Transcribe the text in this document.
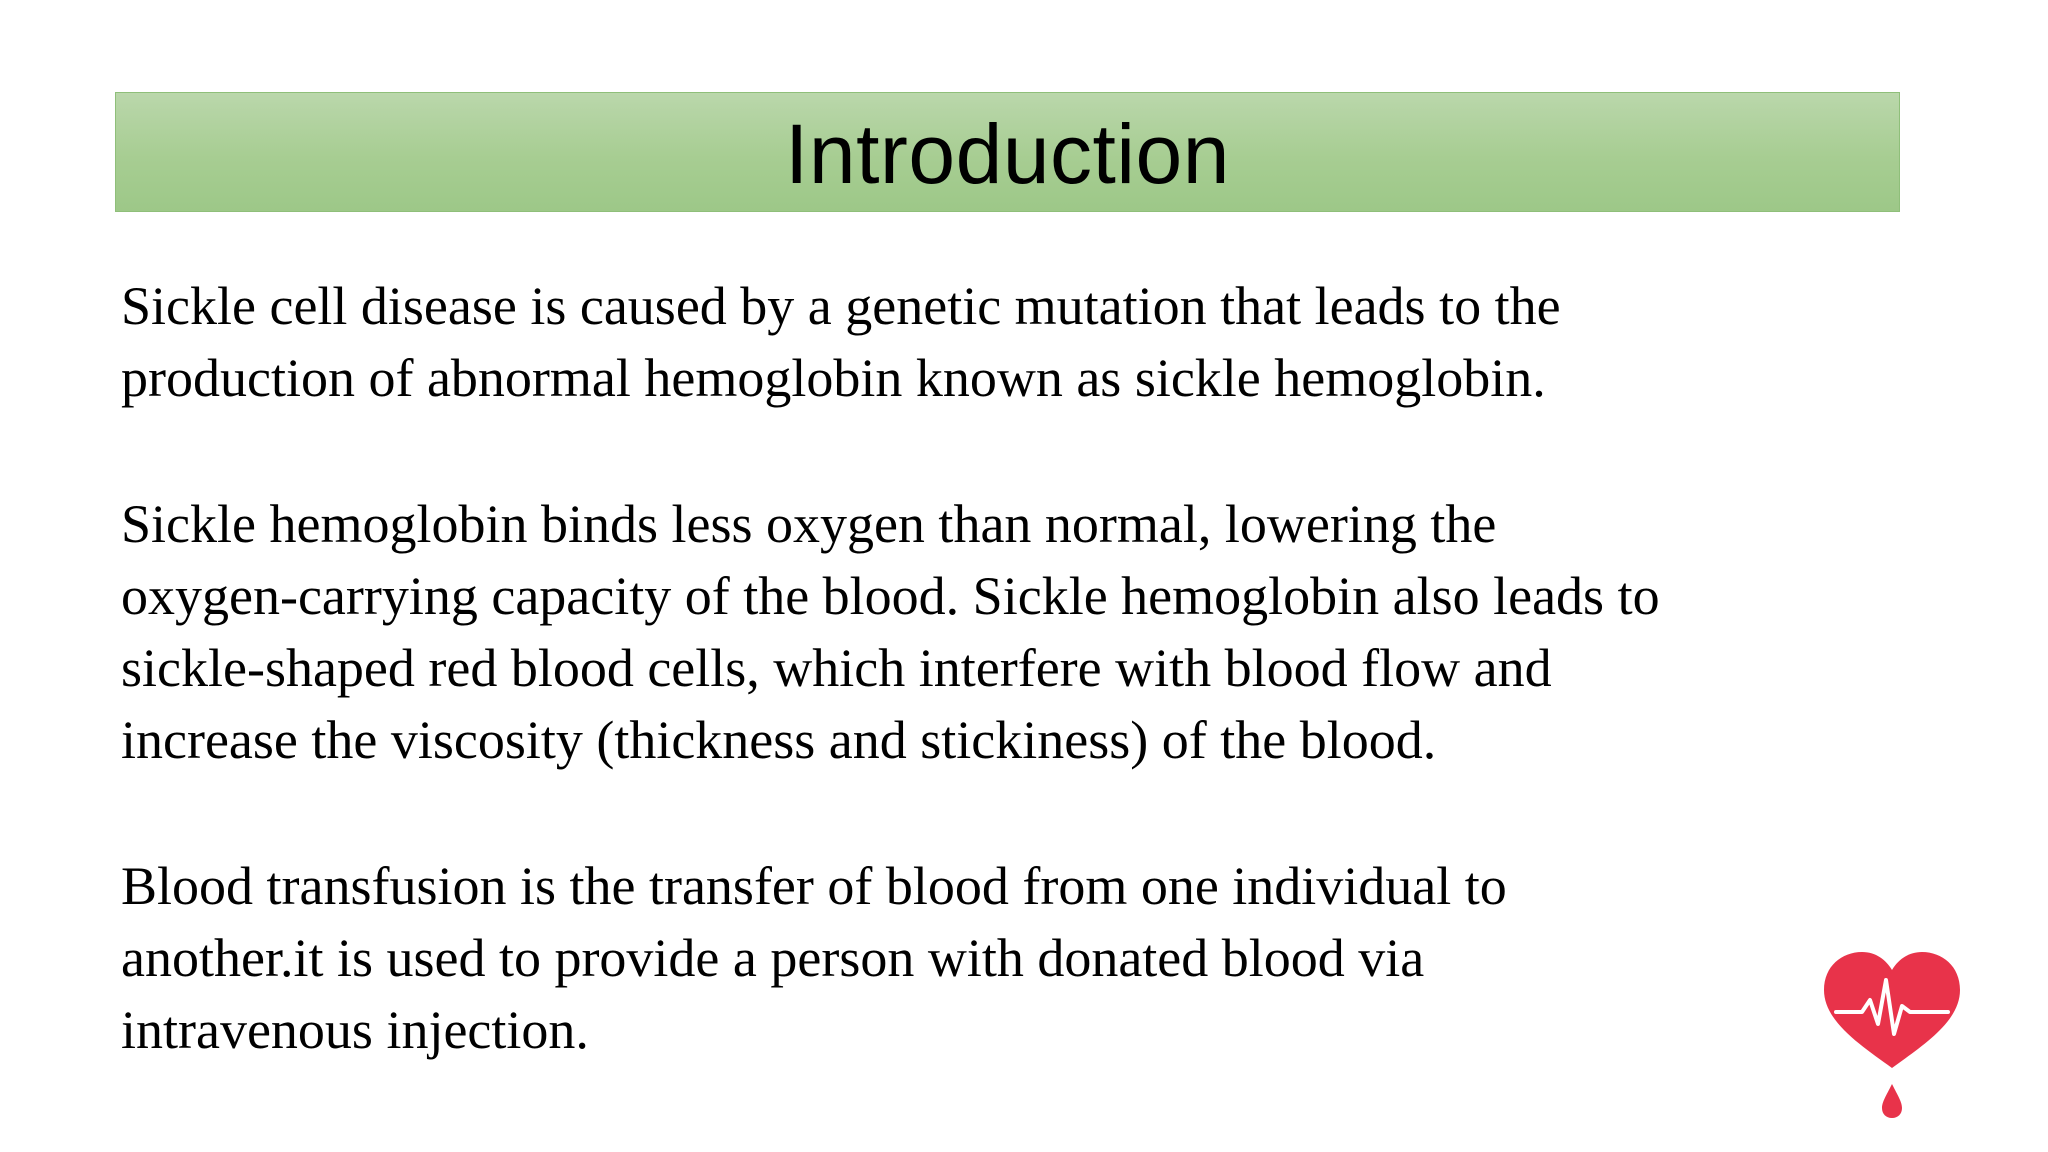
Introduction

Sickle cell disease is caused by a genetic mutation that leads to the
production of abnormal hemoglobin known as sickle hemoglobin.

Sickle hemoglobin binds less oxygen than normal, lowering the
oxygen-carrying capacity of the blood. Sickle hemoglobin also leads to
sickle-shaped red blood cells, which interfere with blood flow and
increase the viscosity (thickness and stickiness) of the blood.

Blood transfusion is the transfer of blood from one individual to
another.it is used to provide a person with donated blood via
intravenous injection.
